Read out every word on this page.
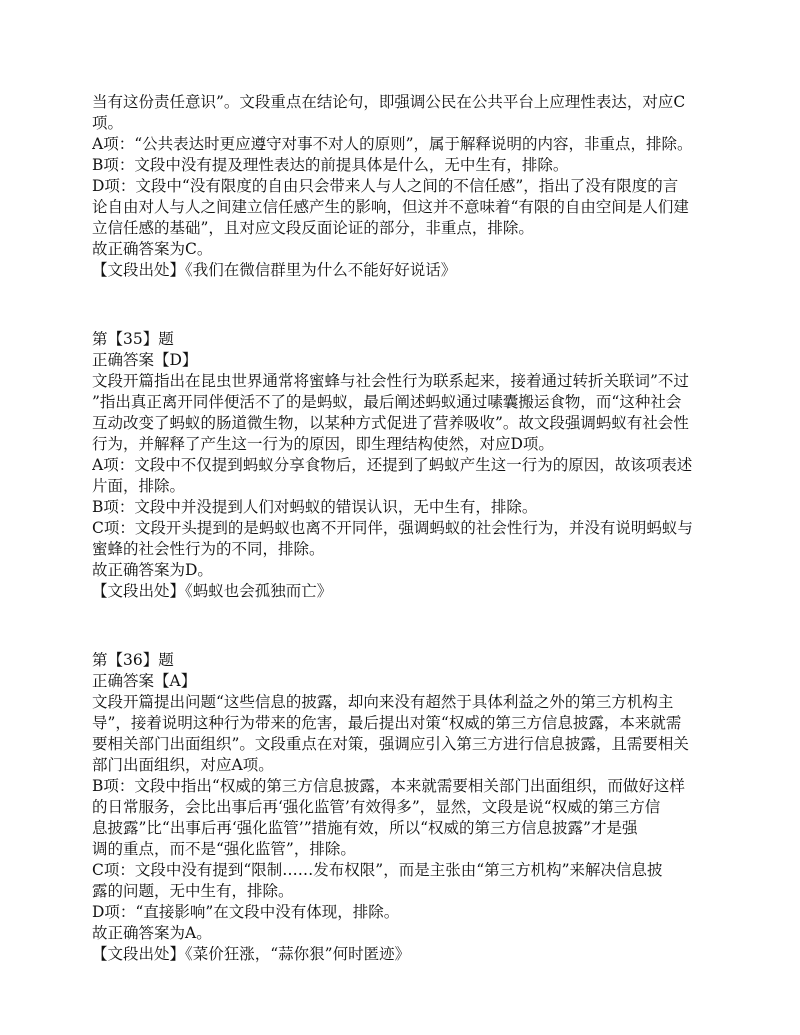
当有这份责任意识”。文段重点在结论句，即强调公民在公共平台上应理性表达，对应C
项。
A项：“公共表达时更应遵守对事不对人的原则”，属于解释说明的内容，非重点，排除。
B项：文段中没有提及理性表达的前提具体是什么，无中生有，排除。
D项：文段中“没有限度的自由只会带来人与人之间的不信任感”，指出了没有限度的言
论自由对人与人之间建立信任感产生的影响，但这并不意味着“有限的自由空间是人们建
立信任感的基础”，且对应文段反面论证的部分，非重点，排除。
故正确答案为C。
【文段出处】《我们在微信群里为什么不能好好说话》
第【35】题
正确答案【D】
文段开篇指出在昆虫世界通常将蜜蜂与社会性行为联系起来，接着通过转折关联词”不过
”指出真正离开同伴便活不了的是蚂蚁，最后阐述蚂蚁通过嗉囊搬运食物，而“这种社会
互动改变了蚂蚁的肠道微生物，以某种方式促进了营养吸收”。故文段强调蚂蚁有社会性
行为，并解释了产生这一行为的原因，即生理结构使然，对应D项。
A项：文段中不仅提到蚂蚁分享食物后，还提到了蚂蚁产生这一行为的原因，故该项表述
片面，排除。
B项：文段中并没提到人们对蚂蚁的错误认识，无中生有，排除。
C项：文段开头提到的是蚂蚁也离不开同伴，强调蚂蚁的社会性行为，并没有说明蚂蚁与
蜜蜂的社会性行为的不同，排除。
故正确答案为D。
【文段出处】《蚂蚁也会孤独而亡》
第【36】题
正确答案【A】
文段开篇提出问题“这些信息的披露，却向来没有超然于具体利益之外的第三方机构主
导”，接着说明这种行为带来的危害，最后提出对策“权威的第三方信息披露，本来就需
要相关部门出面组织”。文段重点在对策，强调应引入第三方进行信息披露，且需要相关
部门出面组织，对应A项。
B项：文段中指出“权威的第三方信息披露，本来就需要相关部门出面组织，而做好这样
的日常服务，会比出事后再‘强化监管’有效得多”，显然，文段是说“权威的第三方信
息披露”比“出事后再‘强化监管’”措施有效，所以“权威的第三方信息披露”才是强
调的重点，而不是“强化监管”，排除。
C项：文段中没有提到“限制……发布权限”，而是主张由“第三方机构”来解决信息披
露的问题，无中生有，排除。
D项：“直接影响”在文段中没有体现，排除。
故正确答案为A。
【文段出处】《菜价狂涨，“蒜你狠”何时匿迹》
